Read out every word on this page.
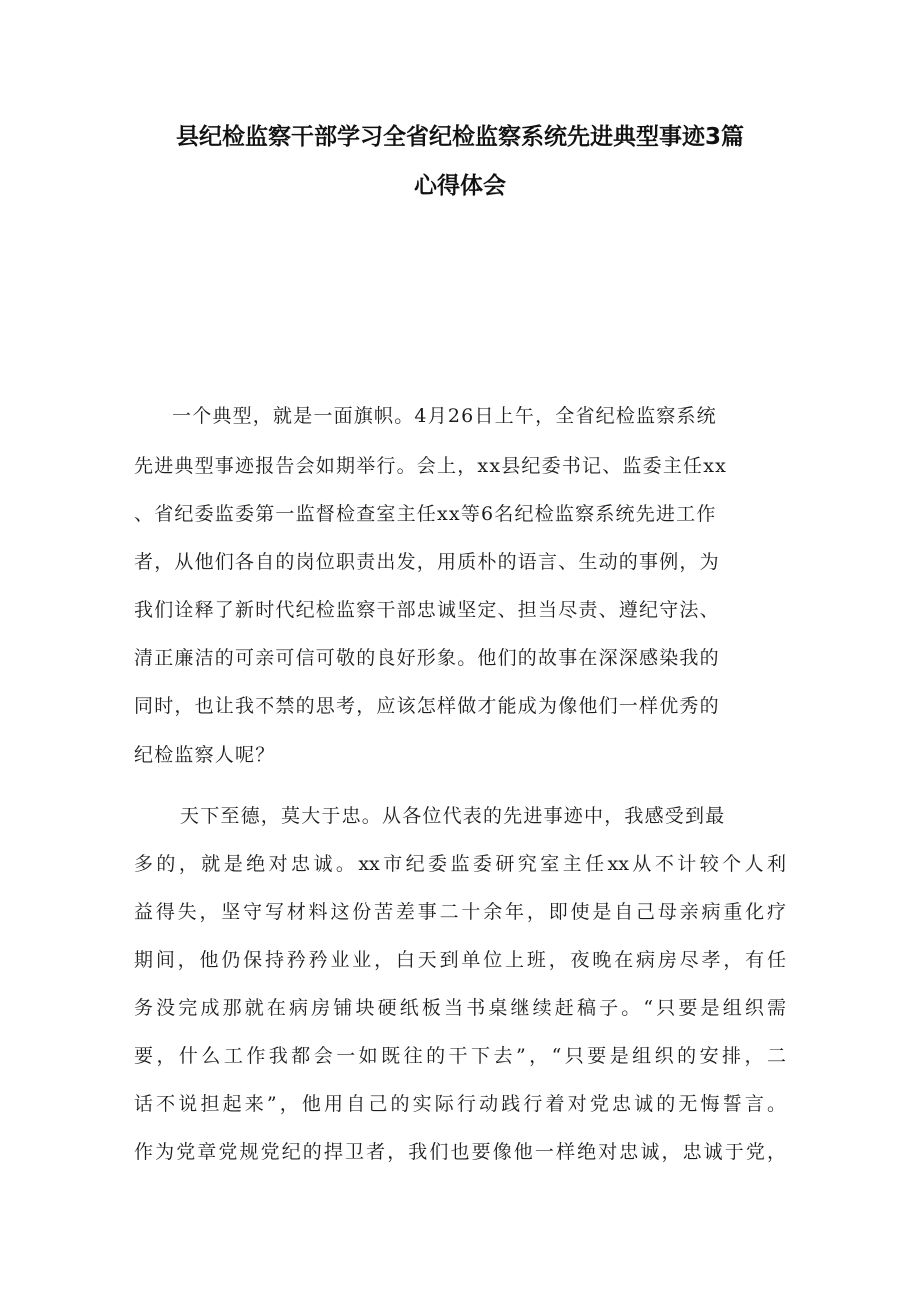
县纪检监察干部学习全省纪检监察系统先进典型事迹3篇
心得体会
一个典型，就是一面旗帜。4月26日上午，全省纪检监察系统
先进典型事迹报告会如期举行。会上，xx县纪委书记、监委主任xx
、省纪委监委第一监督检查室主任xx等6名纪检监察系统先进工作
者，从他们各自的岗位职责出发，用质朴的语言、生动的事例，为
我们诠释了新时代纪检监察干部忠诚坚定、担当尽责、遵纪守法、
清正廉洁的可亲可信可敬的良好形象。他们的故事在深深感染我的
同时，也让我不禁的思考，应该怎样做才能成为像他们一样优秀的
纪检监察人呢？
天下至德，莫大于忠。从各位代表的先进事迹中，我感受到最
多的，就是绝对忠诚。xx市纪委监委研究室主任xx从不计较个人利
益得失，坚守写材料这份苦差事二十余年，即使是自己母亲病重化疗
期间，他仍保持矜矜业业，白天到单位上班，夜晚在病房尽孝，有任
务没完成那就在病房铺块硬纸板当书桌继续赶稿子。“只要是组织需
要，什么工作我都会一如既往的干下去”，“只要是组织的安排，二
话不说担起来”，他用自己的实际行动践行着对党忠诚的无悔誓言。
作为党章党规党纪的捍卫者，我们也要像他一样绝对忠诚，忠诚于党，
